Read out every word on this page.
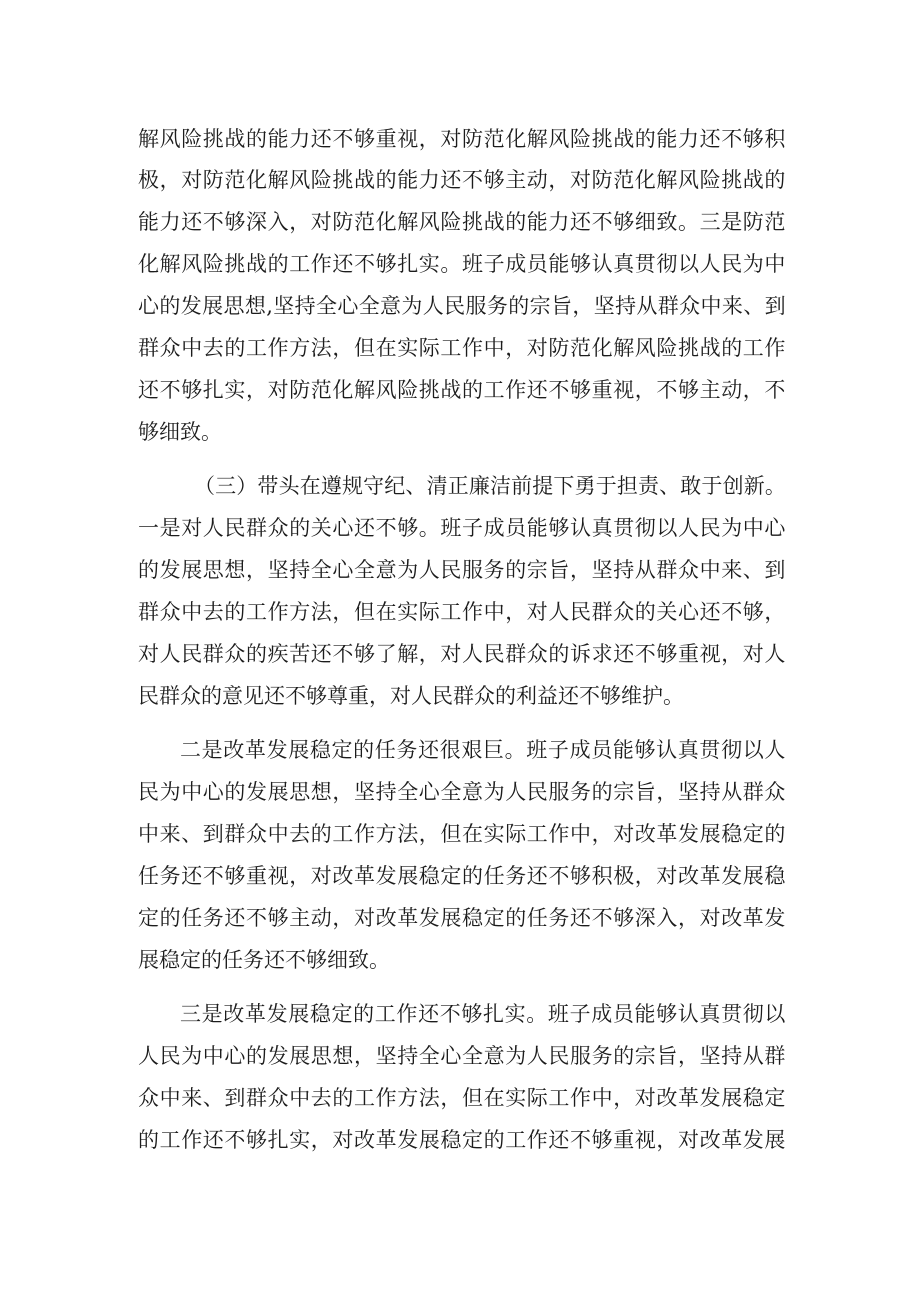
解风险挑战的能力还不够重视，对防范化解风险挑战的能力还不够积

极，对防范化解风险挑战的能力还不够主动，对防范化解风险挑战的

能力还不够深入，对防范化解风险挑战的能力还不够细致。三是防范

化解风险挑战的工作还不够扎实。班子成员能够认真贯彻以人民为中

心的发展思想,坚持全心全意为人民服务的宗旨，坚持从群众中来、到

群众中去的工作方法，但在实际工作中，对防范化解风险挑战的工作

还不够扎实，对防范化解风险挑战的工作还不够重视，不够主动，不

够细致。

（三）带头在遵规守纪、清正廉洁前提下勇于担责、敢于创新。

一是对人民群众的关心还不够。班子成员能够认真贯彻以人民为中心

的发展思想，坚持全心全意为人民服务的宗旨，坚持从群众中来、到

群众中去的工作方法，但在实际工作中，对人民群众的关心还不够，

对人民群众的疾苦还不够了解，对人民群众的诉求还不够重视，对人

民群众的意见还不够尊重，对人民群众的利益还不够维护。

二是改革发展稳定的任务还很艰巨。班子成员能够认真贯彻以人

民为中心的发展思想，坚持全心全意为人民服务的宗旨，坚持从群众

中来、到群众中去的工作方法，但在实际工作中，对改革发展稳定的

任务还不够重视，对改革发展稳定的任务还不够积极，对改革发展稳

定的任务还不够主动，对改革发展稳定的任务还不够深入，对改革发

展稳定的任务还不够细致。

三是改革发展稳定的工作还不够扎实。班子成员能够认真贯彻以

人民为中心的发展思想，坚持全心全意为人民服务的宗旨，坚持从群

众中来、到群众中去的工作方法，但在实际工作中，对改革发展稳定

的工作还不够扎实，对改革发展稳定的工作还不够重视，对改革发展
